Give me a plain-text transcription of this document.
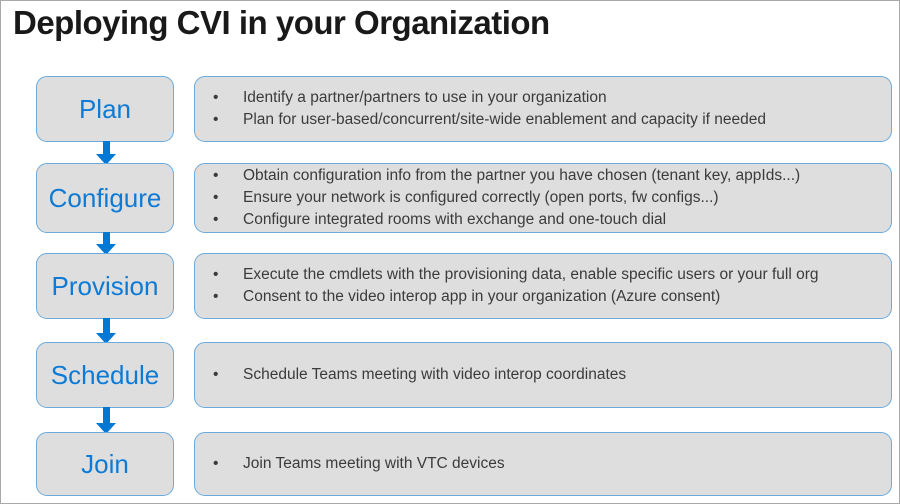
Deploying CVI in your Organization
Plan	• Identify a partner/partners to use in your organization
• Plan for user-based/concurrent/site-wide enablement and capacity if needed
Configure
• Obtain configuration info from the partner you have chosen (tenant key, appIds...)
• Ensure your network is configured correctly (open ports, fw configs...)
• Configure integrated rooms with exchange and one-touch dial
Provision	• Execute the cmdlets with the provisioning data, enable specific users or your full org
• Consent to the video interop app in your organization (Azure consent)
Schedule	• Schedule Teams meeting with video interop coordinates
Join	• Join Teams meeting with VTC devices
